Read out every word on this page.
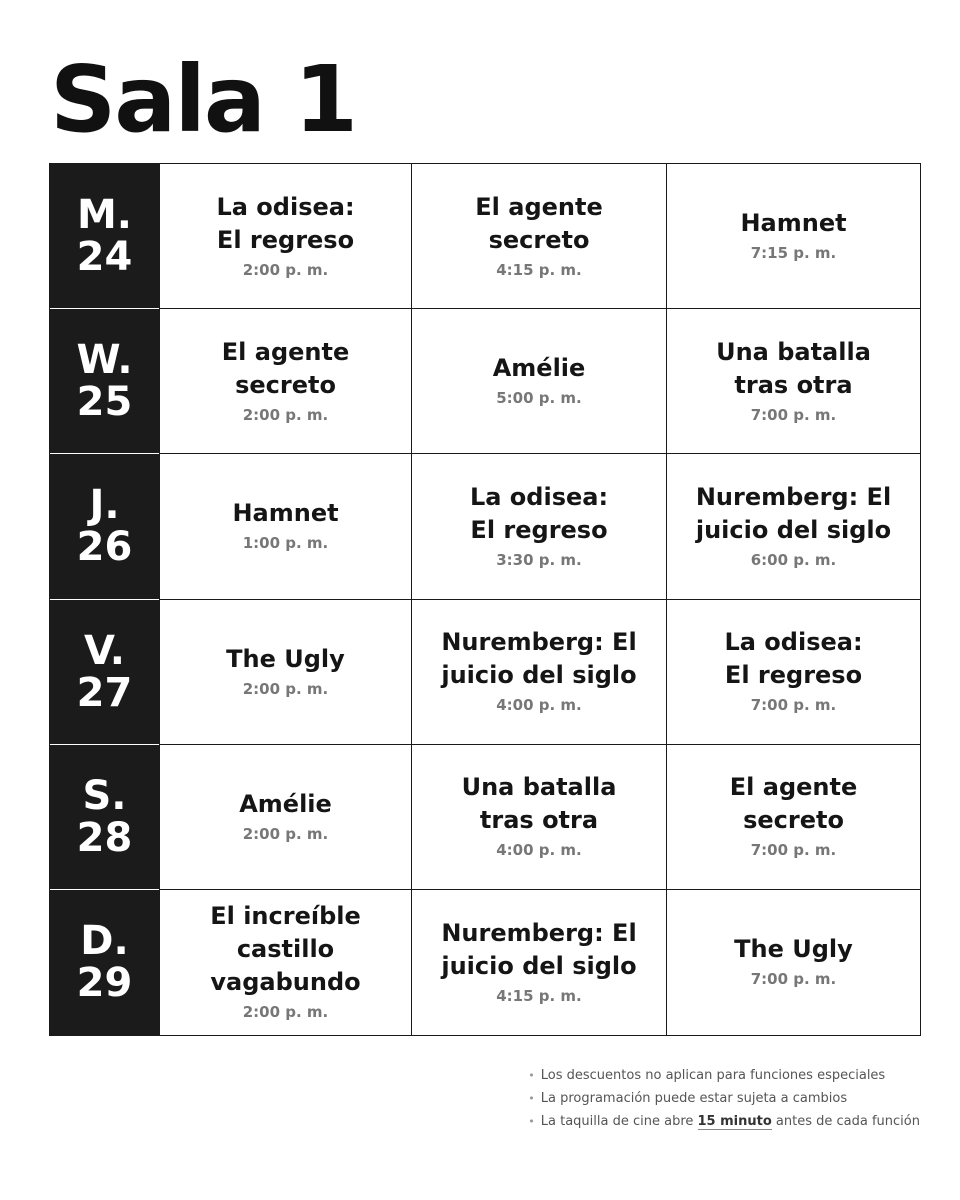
Sala 1
M.
24
La odisea:
El regreso
2:00 p. m.
El agente
secreto
4:15 p. m.
Hamnet
7:15 p. m.
W.
25
El agente
secreto
2:00 p. m.
Amélie
5:00 p. m.
Una batalla
tras otra
7:00 p. m.
J.
26
Hamnet
1:00 p. m.
La odisea:
El regreso
3:30 p. m.
Nuremberg: El
juicio del siglo
6:00 p. m.
V.
27
The Ugly
2:00 p. m.
Nuremberg: El
juicio del siglo
4:00 p. m.
La odisea:
El regreso
7:00 p. m.
S.
28
Amélie
2:00 p. m.
Una batalla
tras otra
4:00 p. m.
El agente
secreto
7:00 p. m.
D.
29
El increíble
castillo
vagabundo
2:00 p. m.
Nuremberg: El
juicio del siglo
4:15 p. m.
The Ugly
7:00 p. m.
• Los descuentos no aplican para funciones especiales
• La programación puede estar sujeta a cambios
• La taquilla de cine abre 15 minuto antes de cada función
